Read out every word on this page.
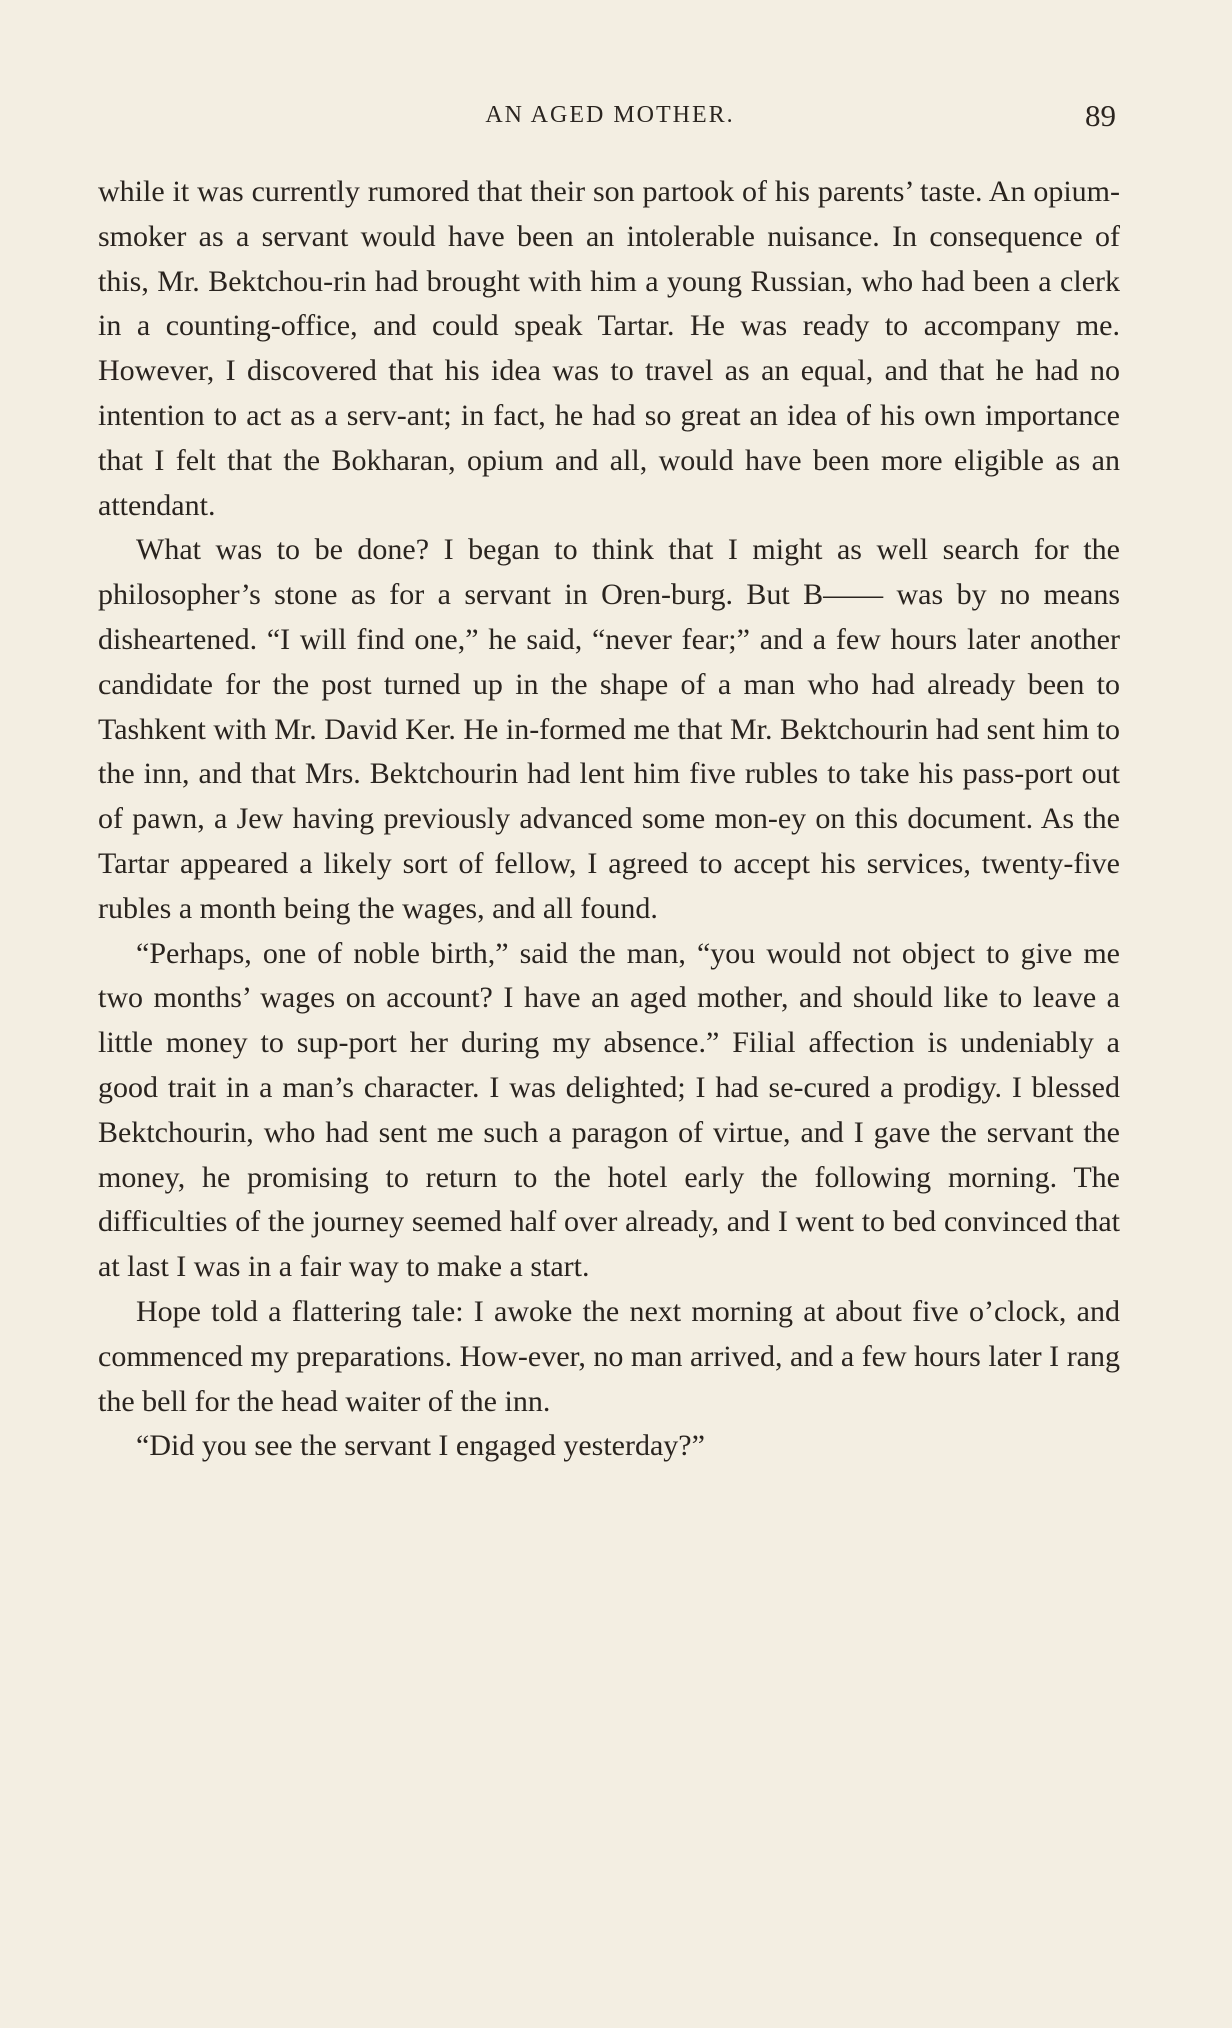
AN AGED MOTHER.	89

while it was currently rumored that their son partook of his parents’ taste. An opium-smoker as a servant would have been an intolerable nuisance. In consequence of this, Mr. Bektchou-rin had brought with him a young Russian, who had been a clerk in a counting-office, and could speak Tartar. He was ready to accompany me. However, I discovered that his idea was to travel as an equal, and that he had no intention to act as a serv-ant; in fact, he had so great an idea of his own importance that I felt that the Bokharan, opium and all, would have been more eligible as an attendant.

What was to be done? I began to think that I might as well search for the philosopher’s stone as for a servant in Oren-burg. But B—— was by no means disheartened. “I will find one,” he said, “never fear;” and a few hours later another candidate for the post turned up in the shape of a man who had already been to Tashkent with Mr. David Ker. He in-formed me that Mr. Bektchourin had sent him to the inn, and that Mrs. Bektchourin had lent him five rubles to take his pass-port out of pawn, a Jew having previously advanced some mon-ey on this document. As the Tartar appeared a likely sort of fellow, I agreed to accept his services, twenty-five rubles a month being the wages, and all found.

“Perhaps, one of noble birth,” said the man, “you would not object to give me two months’ wages on account? I have an aged mother, and should like to leave a little money to sup-port her during my absence.” Filial affection is undeniably a good trait in a man’s character. I was delighted; I had se-cured a prodigy. I blessed Bektchourin, who had sent me such a paragon of virtue, and I gave the servant the money, he promising to return to the hotel early the following morning. The difficulties of the journey seemed half over already, and I went to bed convinced that at last I was in a fair way to make a start.

Hope told a flattering tale: I awoke the next morning at about five o’clock, and commenced my preparations. How-ever, no man arrived, and a few hours later I rang the bell for the head waiter of the inn.

“Did you see the servant I engaged yesterday?”
